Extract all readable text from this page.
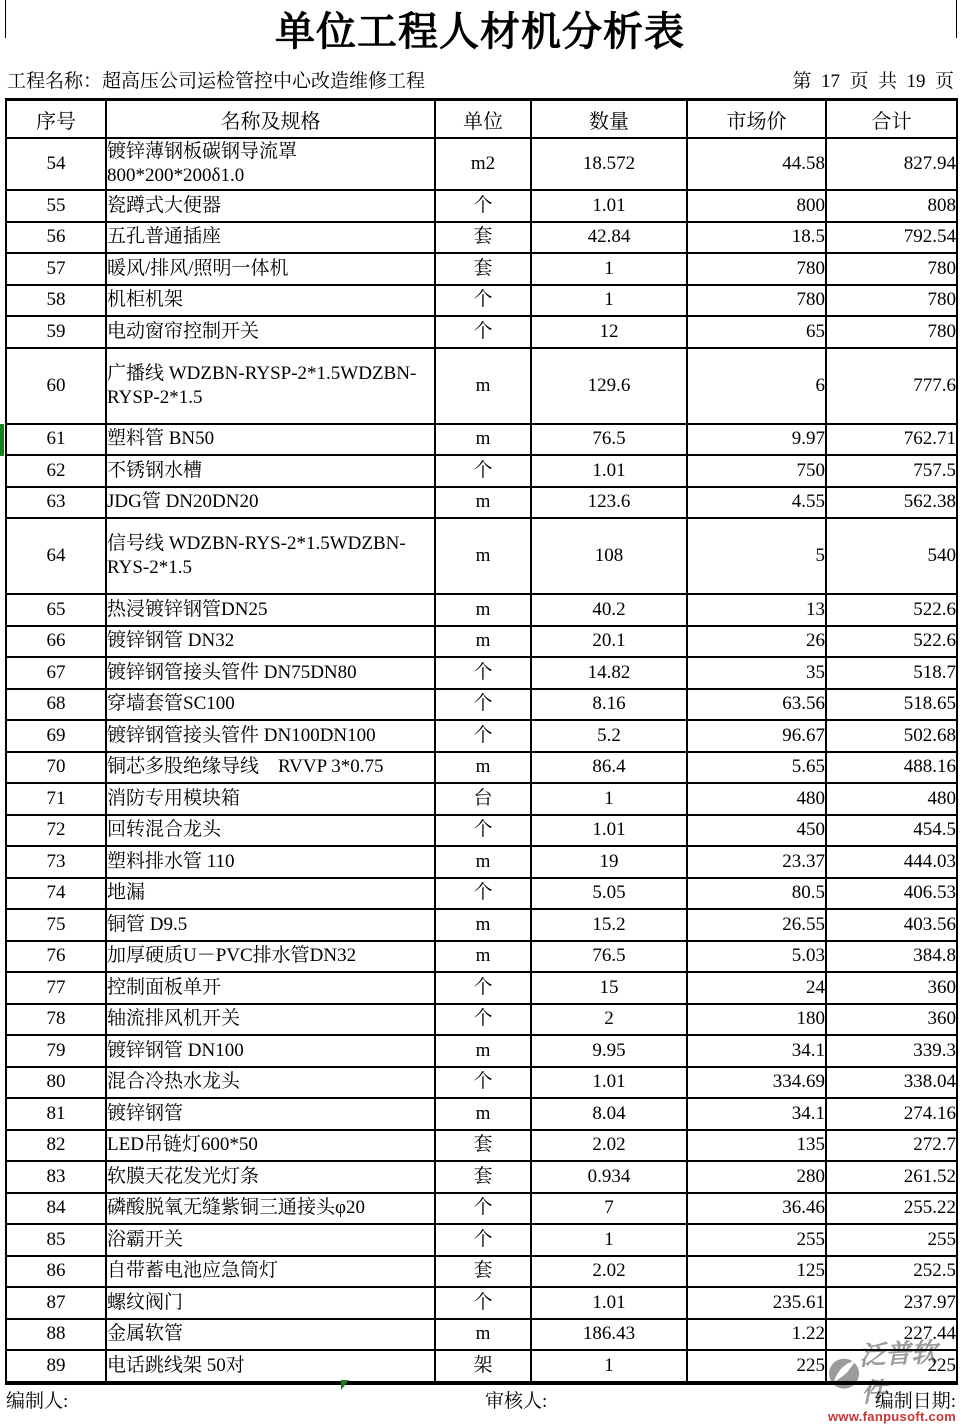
泛普软件
www.fanpusoft.com
单位工程人材机分析表
工程名称：超高压公司运检管控中心改造维修工程	第  17  页  共  19  页
序号	名称及规格	单位	数量	市场价	合计
54	镀锌薄钢板碳钢导流罩 800*200*200δ1.0	m2	18.572	44.58	827.94
55	瓷蹲式大便器	个	1.01	800	808
56	五孔普通插座	套	42.84	18.5	792.54
57	暖风/排风/照明一体机	套	1	780	780
58	机柜机架	个	1	780	780
59	电动窗帘控制开关	个	12	65	780
60	广播线 WDZBN-RYSP-2*1.5WDZBN-RYSP-2*1.5	m	129.6	6	777.6
61	塑料管 BN50	m	76.5	9.97	762.71
62	不锈钢水槽	个	1.01	750	757.5
63	JDG管 DN20DN20	m	123.6	4.55	562.38
64	信号线 WDZBN-RYS-2*1.5WDZBN-RYS-2*1.5	m	108	5	540
65	热浸镀锌钢管DN25	m	40.2	13	522.6
66	镀锌钢管 DN32	m	20.1	26	522.6
67	镀锌钢管接头管件 DN75DN80	个	14.82	35	518.7
68	穿墙套管SC100	个	8.16	63.56	518.65
69	镀锌钢管接头管件 DN100DN100	个	5.2	96.67	502.68
70	铜芯多股绝缘导线　RVVP 3*0.75	m	86.4	5.65	488.16
71	消防专用模块箱	台	1	480	480
72	回转混合龙头	个	1.01	450	454.5
73	塑料排水管 110	m	19	23.37	444.03
74	地漏	个	5.05	80.5	406.53
75	铜管 D9.5	m	15.2	26.55	403.56
76	加厚硬质U－PVC排水管DN32	m	76.5	5.03	384.8
77	控制面板单开	个	15	24	360
78	轴流排风机开关	个	2	180	360
79	镀锌钢管 DN100	m	9.95	34.1	339.3
80	混合冷热水龙头	个	1.01	334.69	338.04
81	镀锌钢管	m	8.04	34.1	274.16
82	LED吊链灯600*50	套	2.02	135	272.7
83	软膜天花发光灯条	套	0.934	280	261.52
84	磷酸脱氧无缝紫铜三通接头φ20	个	7	36.46	255.22
85	浴霸开关	个	1	255	255
86	自带蓄电池应急筒灯	套	2.02	125	252.5
87	螺纹阀门	个	1.01	235.61	237.97
88	金属软管	m	186.43	1.22	227.44
89	电话跳线架 50对	架	1	225	225
编制人:	审核人:	编制日期:
